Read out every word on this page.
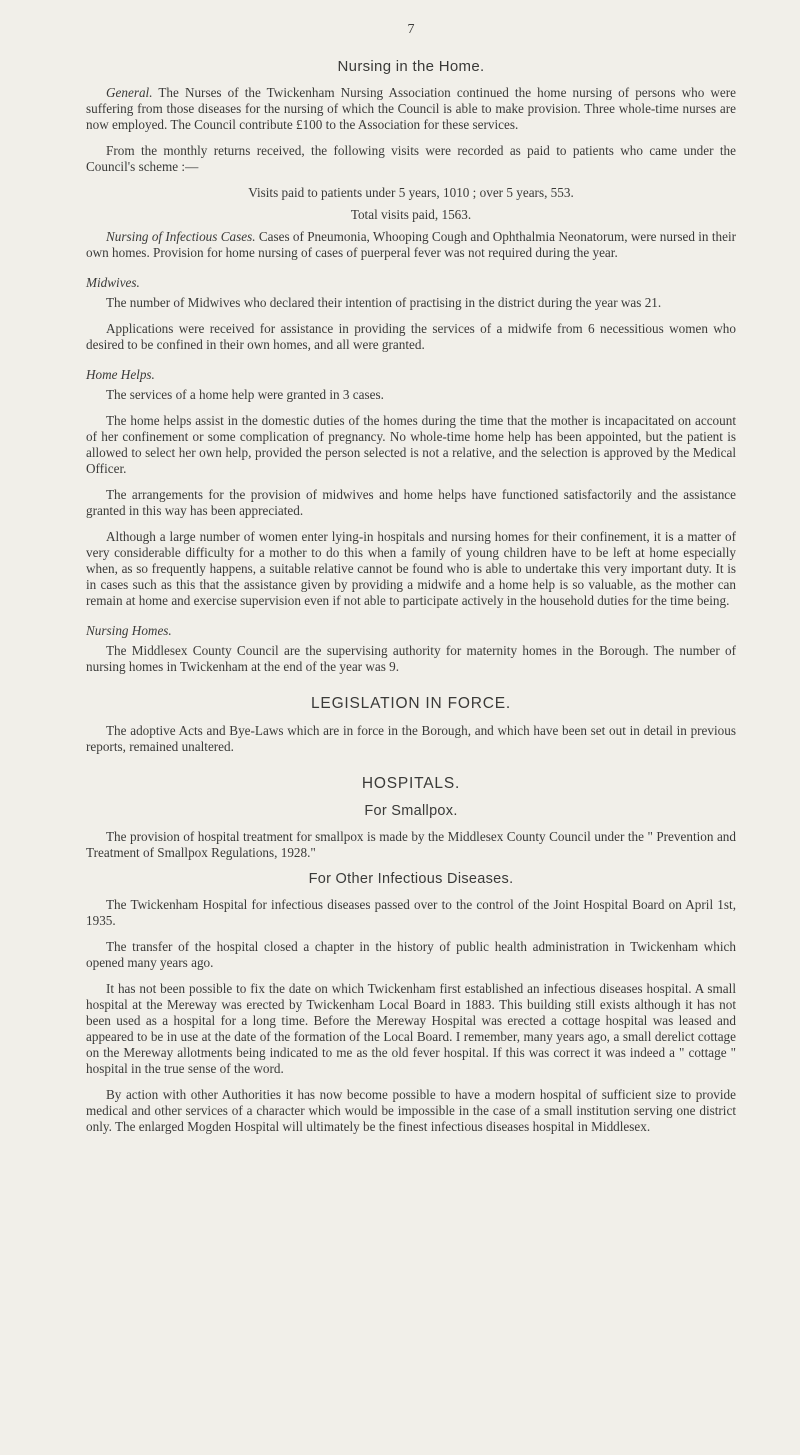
7
Nursing in the Home.

General. The Nurses of the Twickenham Nursing Association continued the home nursing of persons who were suffering from those diseases for the nursing of which the Council is able to make provision. Three whole-time nurses are now employed. The Council contribute £100 to the Association for these services.

From the monthly returns received, the following visits were recorded as paid to patients who came under the Council's scheme :—

Visits paid to patients under 5 years, 1010 ; over 5 years, 553.

Total visits paid, 1563.

Nursing of Infectious Cases. Cases of Pneumonia, Whooping Cough and Ophthalmia Neonatorum, were nursed in their own homes. Provision for home nursing of cases of puerperal fever was not required during the year.

Midwives.

The number of Midwives who declared their intention of practising in the district during the year was 21.

Applications were received for assistance in providing the services of a midwife from 6 necessitious women who desired to be confined in their own homes, and all were granted.

Home Helps.

The services of a home help were granted in 3 cases.

The home helps assist in the domestic duties of the homes during the time that the mother is incapacitated on account of her confinement or some complication of pregnancy. No whole-time home help has been appointed, but the patient is allowed to select her own help, provided the person selected is not a relative, and the selection is approved by the Medical Officer.

The arrangements for the provision of midwives and home helps have functioned satisfactorily and the assistance granted in this way has been appreciated.

Although a large number of women enter lying-in hospitals and nursing homes for their confinement, it is a matter of very considerable difficulty for a mother to do this when a family of young children have to be left at home especially when, as so frequently happens, a suitable relative cannot be found who is able to undertake this very important duty. It is in cases such as this that the assistance given by providing a midwife and a home help is so valuable, as the mother can remain at home and exercise supervision even if not able to participate actively in the household duties for the time being.

Nursing Homes.

The Middlesex County Council are the supervising authority for maternity homes in the Borough. The number of nursing homes in Twickenham at the end of the year was 9.

LEGISLATION IN FORCE.

The adoptive Acts and Bye-Laws which are in force in the Borough, and which have been set out in detail in previous reports, remained unaltered.

HOSPITALS.
For Smallpox.

The provision of hospital treatment for smallpox is made by the Middlesex County Council under the " Prevention and Treatment of Smallpox Regulations, 1928."

For Other Infectious Diseases.

The Twickenham Hospital for infectious diseases passed over to the control of the Joint Hospital Board on April 1st, 1935.

The transfer of the hospital closed a chapter in the history of public health administration in Twickenham which opened many years ago.

It has not been possible to fix the date on which Twickenham first established an infectious diseases hospital. A small hospital at the Mereway was erected by Twickenham Local Board in 1883. This building still exists although it has not been used as a hospital for a long time. Before the Mereway Hospital was erected a cottage hospital was leased and appeared to be in use at the date of the formation of the Local Board. I remember, many years ago, a small derelict cottage on the Mereway allotments being indicated to me as the old fever hospital. If this was correct it was indeed a " cottage " hospital in the true sense of the word.

By action with other Authorities it has now become possible to have a modern hospital of sufficient size to provide medical and other services of a character which would be impossible in the case of a small institution serving one district only. The enlarged Mogden Hospital will ultimately be the finest infectious diseases hospital in Middlesex.
